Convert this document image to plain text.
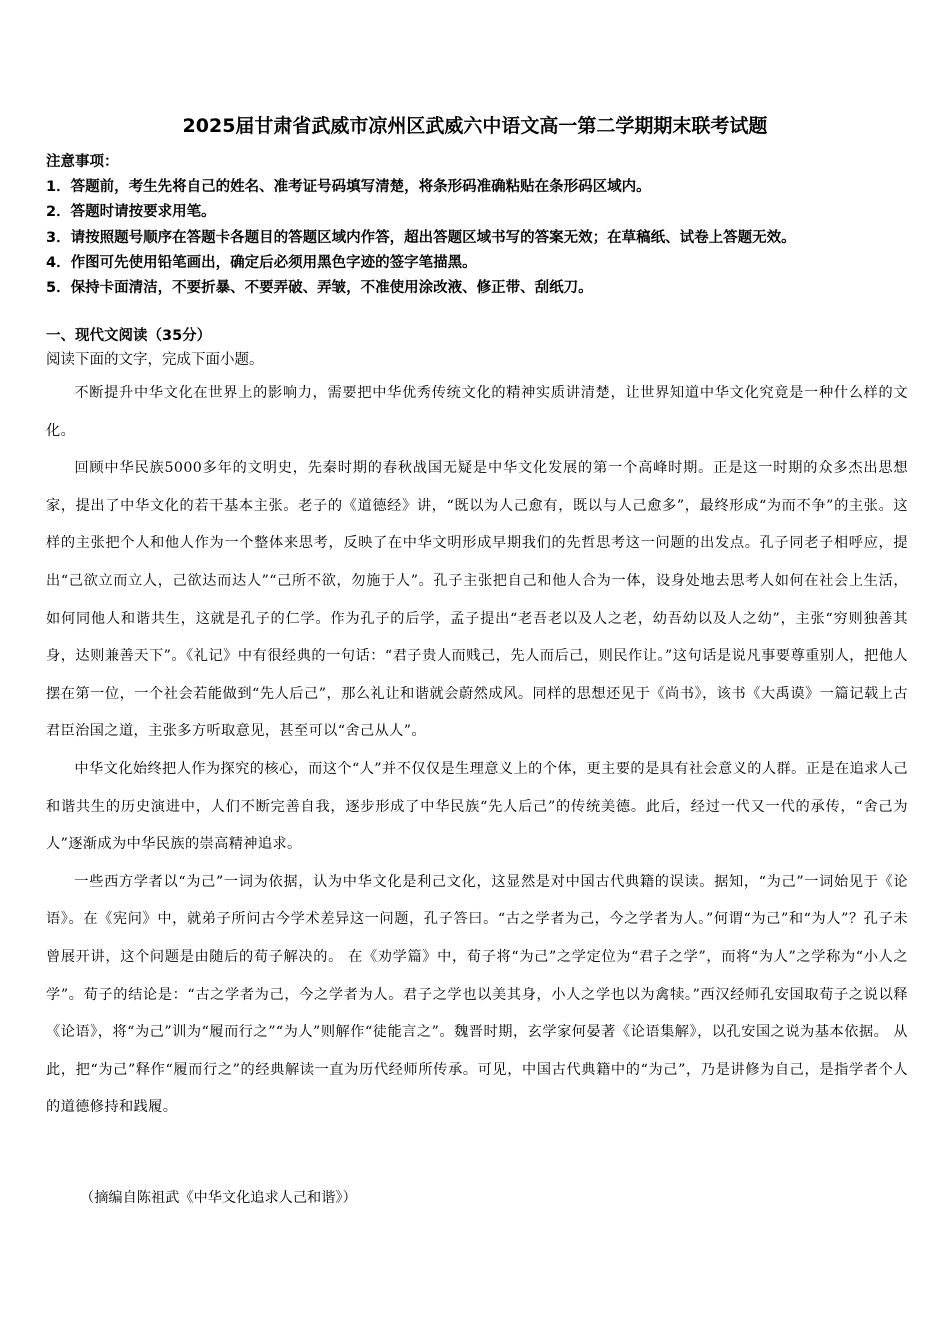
2025届甘肃省武威市凉州区武威六中语文高一第二学期期末联考试题
注意事项：
1．答题前，考生先将自己的姓名、准考证号码填写清楚，将条形码准确粘贴在条形码区域内。
2．答题时请按要求用笔。
3．请按照题号顺序在答题卡各题目的答题区域内作答，超出答题区域书写的答案无效；在草稿纸、试卷上答题无效。
4．作图可先使用铅笔画出，确定后必须用黑色字迹的签字笔描黑。
5．保持卡面清洁，不要折暴、不要弄破、弄皱，不准使用涂改液、修正带、刮纸刀。
一、现代文阅读（35分）
阅读下面的文字，完成下面小题。

不断提升中华文化在世界上的影响力，需要把中华优秀传统文化的精神实质讲清楚，让世界知道中华文化究竟是一种什么样的文化。

回顾中华民族5000多年的文明史，先秦时期的春秋战国无疑是中华文化发展的第一个高峰时期。正是这一时期的众多杰出思想家，提出了中华文化的若干基本主张。老子的《道德经》讲，“既以为人己愈有，既以与人己愈多”，最终形成“为而不争”的主张。这样的主张把个人和他人作为一个整体来思考，反映了在中华文明形成早期我们的先哲思考这一问题的出发点。孔子同老子相呼应，提出“己欲立而立人，己欲达而达人”“己所不欲，勿施于人”。孔子主张把自己和他人合为一体，设身处地去思考人如何在社会上生活，如何同他人和谐共生，这就是孔子的仁学。作为孔子的后学，孟子提出“老吾老以及人之老，幼吾幼以及人之幼”，主张“穷则独善其身，达则兼善天下”。《礼记》中有很经典的一句话：“君子贵人而贱己，先人而后己，则民作让。”这句话是说凡事要尊重别人，把他人摆在第一位，一个社会若能做到“先人后己”，那么礼让和谐就会蔚然成风。同样的思想还见于《尚书》，该书《大禹谟》一篇记载上古君臣治国之道，主张多方听取意见，甚至可以“舍己从人”。

中华文化始终把人作为探究的核心，而这个“人”并不仅仅是生理意义上的个体，更主要的是具有社会意义的人群。正是在追求人己和谐共生的历史演进中，人们不断完善自我，逐步形成了中华民族“先人后己”的传统美德。此后，经过一代又一代的承传，“舍己为人”逐渐成为中华民族的崇高精神追求。

一些西方学者以“为己”一词为依据，认为中华文化是利己文化，这显然是对中国古代典籍的误读。据知，“为己”一词始见于《论语》。在《宪问》中，就弟子所问古今学术差异这一问题，孔子答曰。“古之学者为己，今之学者为人。”何谓“为己”和“为人”？孔子未曾展开讲，这个问题是由随后的荀子解决的。 在《劝学篇》中，荀子将“为己”之学定位为“君子之学”，而将“为人”之学称为“小人之学”。荀子的结论是：“古之学者为己，今之学者为人。君子之学也以美其身，小人之学也以为禽犊。”西汉经师孔安国取荀子之说以释《论语》，将“为己”训为“履而行之”“为人”则解作“徒能言之”。魏晋时期，玄学家何晏著《论语集解》，以孔安国之说为基本依据。 从此，把“为己”释作“履而行之”的经典解读一直为历代经师所传承。可见，中国古代典籍中的“为己”，乃是讲修为自己，是指学者个人的道德修持和践履。

（摘编自陈祖武《中华文化追求人己和谐》）
